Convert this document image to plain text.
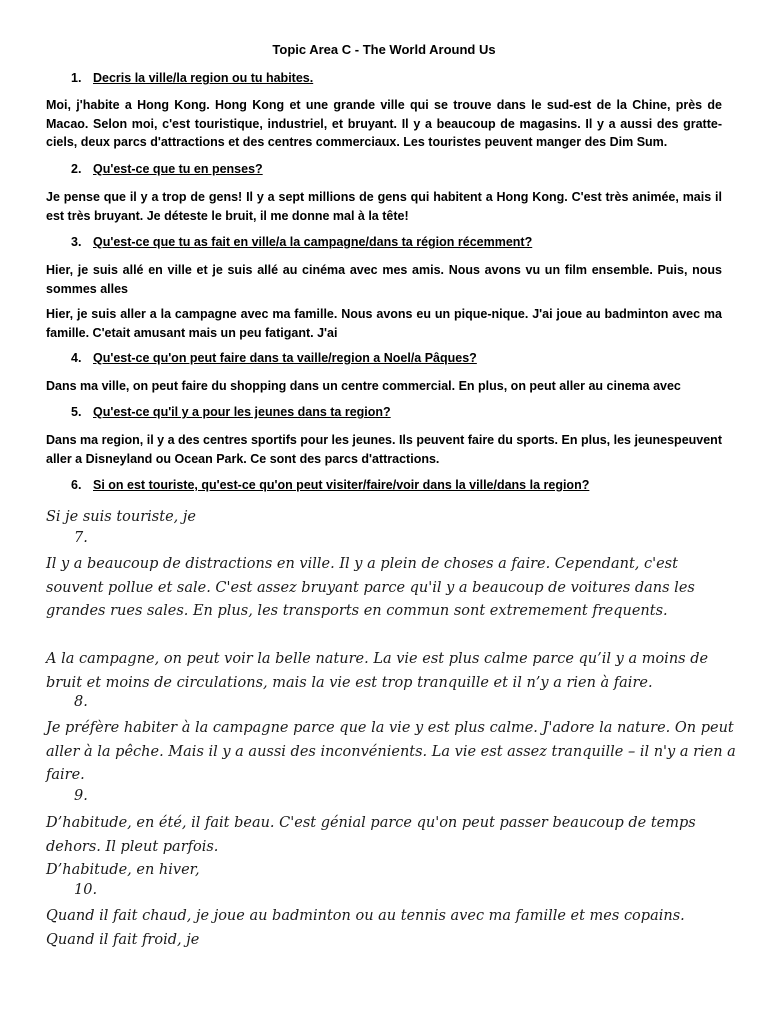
Topic Area C - The World Around Us
1. Decris la ville/la region ou tu habites.
Moi, j'habite a Hong Kong. Hong Kong et une grande ville qui se trouve dans le sud-est de la Chine, près de Macao. Selon moi, c'est touristique, industriel, et bruyant. Il y a beaucoup de magasins. Il y a aussi des gratte-ciels, deux parcs d'attractions et des centres commerciaux. Les touristes peuvent manger des Dim Sum.
2. Qu'est-ce que tu en penses?
Je pense que il y a trop de gens! Il y a sept millions de gens qui habitent a Hong Kong. C'est très animée, mais il est très bruyant. Je déteste le bruit, il me donne mal à la tête!
3. Qu'est-ce que tu as fait en ville/a la campagne/dans ta région récemment?
Hier, je suis allé en ville et je suis allé au cinéma avec mes amis. Nous avons vu un film ensemble. Puis, nous sommes alles
Hier, je suis aller a la campagne avec ma famille. Nous avons eu un pique-nique. J'ai joue au badminton avec ma famille. C'etait amusant mais un peu fatigant. J'ai
4. Qu'est-ce qu'on peut faire dans ta vaille/region a Noel/a Pâques?
Dans ma ville, on peut faire du shopping dans un centre commercial. En plus, on peut aller au cinema avec
5. Qu'est-ce qu'il y a pour les jeunes dans ta region?
Dans ma region, il y a des centres sportifs pour les jeunes. Ils peuvent faire du sports. En plus, les jeunespeuvent aller a Disneyland ou Ocean Park. Ce sont des parcs d'attractions.
6. Si on est touriste, qu'est-ce qu'on peut visiter/faire/voir dans la ville/dans la region?
Si je suis touriste, je
7.
Il y a beaucoup de distractions en ville. Il y a plein de choses a faire. Cependant, c'est souvent pollue et sale. C'est assez bruyant parce qu'il y a beaucoup de voitures dans les grandes rues sales. En plus, les transports en commun sont extremement frequents.
A la campagne, on peut voir la belle nature. La vie est plus calme parce qu’il y a moins de bruit et moins de circulations, mais la vie est trop tranquille et il n’y a rien à faire.
8.
Je préfère habiter à la campagne parce que la vie y est plus calme. J'adore la nature. On peut aller à la pêche. Mais il y a aussi des inconvénients. La vie est assez tranquille – il n'y a rien a faire.
9.
D’habitude, en été, il fait beau. C'est génial parce qu'on peut passer beaucoup de temps dehors. Il pleut parfois.
D’habitude, en hiver,
10.
Quand il fait chaud, je joue au badminton ou au tennis avec ma famille et mes copains. Quand il fait froid, je
